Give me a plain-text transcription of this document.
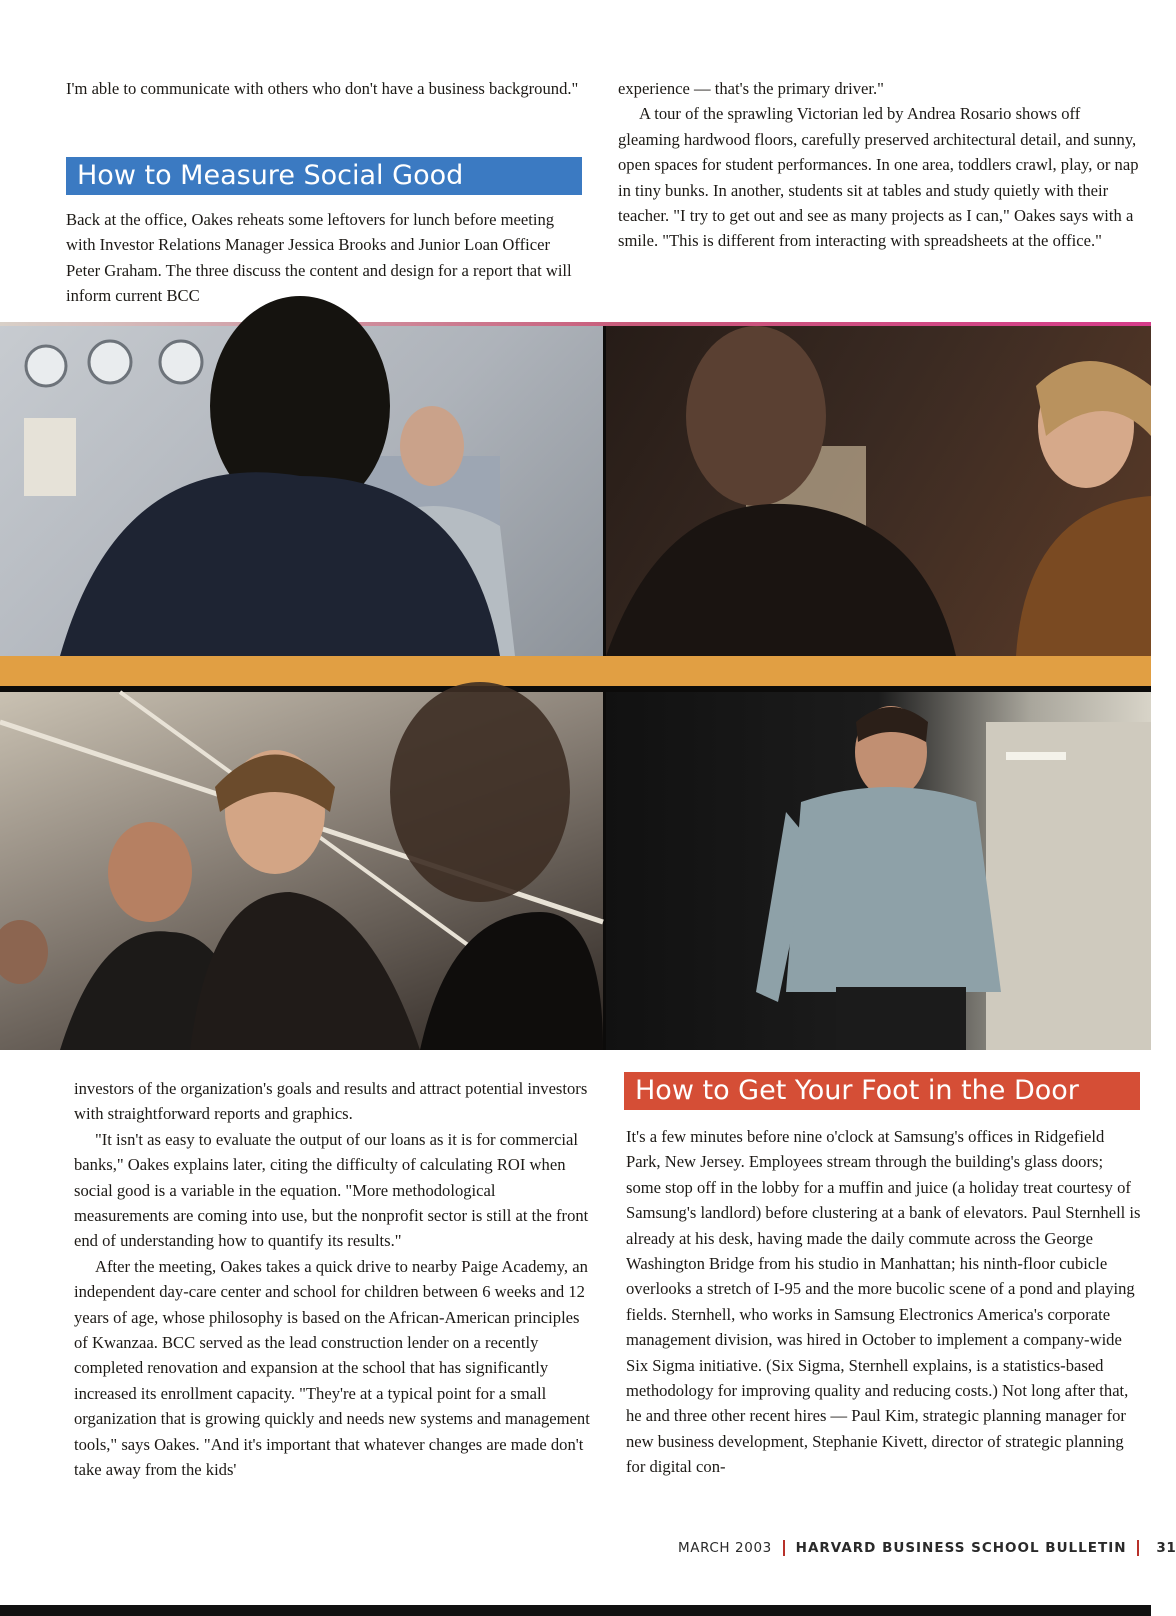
I'm able to communicate with others who don't have a business background."

How to Measure Social Good

Back at the office, Oakes reheats some leftovers for lunch before meeting with Investor Relations Manager Jessica Brooks and Junior Loan Officer Peter Graham. The three discuss the content and design for a report that will inform current BCC

experience — that's the primary driver."

A tour of the sprawling Victorian led by Andrea Rosario shows off gleaming hardwood floors, carefully preserved architectural detail, and sunny, open spaces for student performances. In one area, toddlers crawl, play, or nap in tiny bunks. In another, students sit at tables and study quietly with their teacher. "I try to get out and see as many projects as I can," Oakes says with a smile. "This is different from interacting with spreadsheets at the office."

investors of the organization's goals and results and attract potential investors with straightforward reports and graphics.

"It isn't as easy to evaluate the output of our loans as it is for commercial banks," Oakes explains later, citing the difficulty of calculating ROI when social good is a variable in the equation. "More methodological measurements are coming into use, but the nonprofit sector is still at the front end of understanding how to quantify its results."

After the meeting, Oakes takes a quick drive to nearby Paige Academy, an independent day-care center and school for children between 6 weeks and 12 years of age, whose philosophy is based on the African-American principles of Kwanzaa. BCC served as the lead construction lender on a recently completed renovation and expansion at the school that has significantly increased its enrollment capacity. "They're at a typical point for a small organization that is growing quickly and needs new systems and management tools," says Oakes. "And it's important that whatever changes are made don't take away from the kids'

How to Get Your Foot in the Door

It's a few minutes before nine o'clock at Samsung's offices in Ridgefield Park, New Jersey. Employees stream through the building's glass doors; some stop off in the lobby for a muffin and juice (a holiday treat courtesy of Samsung's landlord) before clustering at a bank of elevators. Paul Sternhell is already at his desk, having made the daily commute across the George Washington Bridge from his studio in Manhattan; his ninth-floor cubicle overlooks a stretch of I-95 and the more bucolic scene of a pond and playing fields. Sternhell, who works in Samsung Electronics America's corporate management division, was hired in October to implement a company-wide Six Sigma initiative. (Six Sigma, Sternhell explains, is a statistics-based methodology for improving quality and reducing costs.) Not long after that, he and three other recent hires — Paul Kim, strategic planning manager for new business development, Stephanie Kivett, director of strategic planning for digital con-

MARCH 2003 HARVARD BUSINESS SCHOOL BULLETIN 31
